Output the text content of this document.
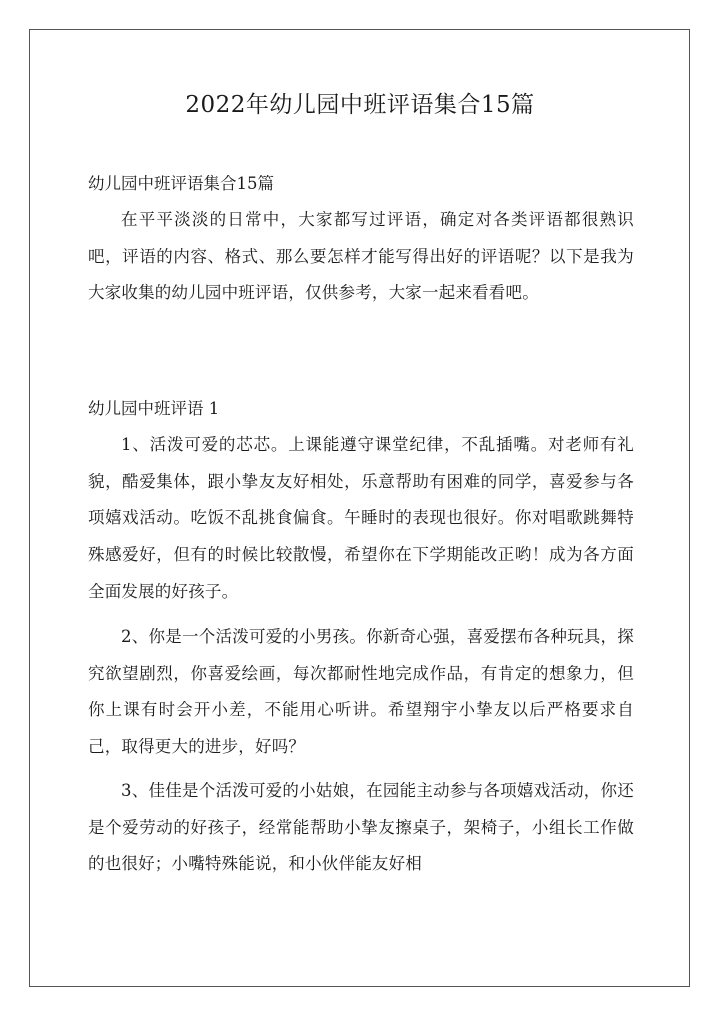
2022年幼儿园中班评语集合15篇

幼儿园中班评语集合15篇

在平平淡淡的日常中，大家都写过评语，确定对各类评语都很熟识吧，评语的内容、格式、那么要怎样才能写得出好的评语呢？以下是我为大家收集的幼儿园中班评语，仅供参考，大家一起来看看吧。

幼儿园中班评语 1

1、活泼可爱的芯芯。上课能遵守课堂纪律，不乱插嘴。对老师有礼貌，酷爱集体，跟小挚友友好相处，乐意帮助有困难的同学，喜爱参与各项嬉戏活动。吃饭不乱挑食偏食。午睡时的表现也很好。你对唱歌跳舞特殊感爱好，但有的时候比较散慢，希望你在下学期能改正哟！成为各方面全面发展的好孩子。

2、你是一个活泼可爱的小男孩。你新奇心强，喜爱摆布各种玩具，探究欲望剧烈，你喜爱绘画，每次都耐性地完成作品，有肯定的想象力，但你上课有时会开小差，不能用心听讲。希望翔宇小挚友以后严格要求自己，取得更大的进步，好吗？

3、佳佳是个活泼可爱的小姑娘，在园能主动参与各项嬉戏活动，你还是个爱劳动的好孩子，经常能帮助小挚友擦桌子，架椅子，小组长工作做的也很好；小嘴特殊能说，和小伙伴能友好相
